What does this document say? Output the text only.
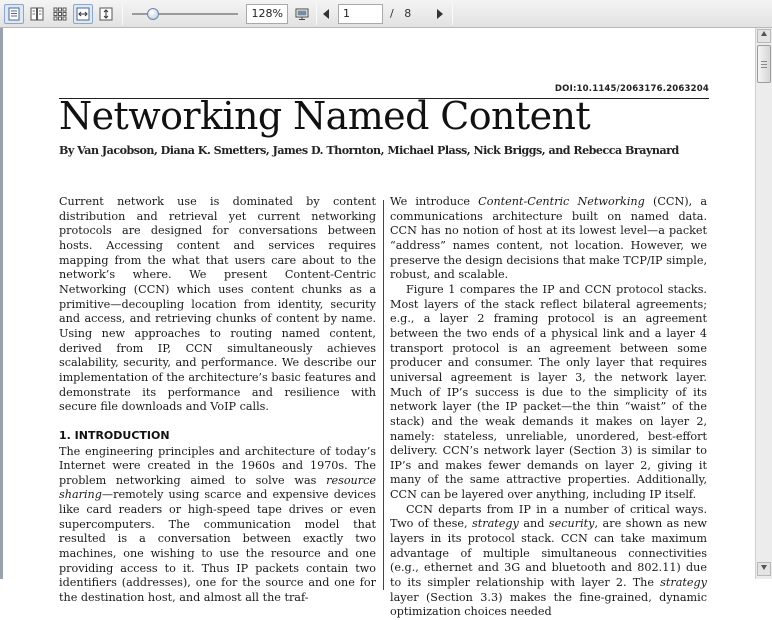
128%	1	/   8
DOI:10.1145/2063176.2063204
Networking Named Content
By Van Jacobson, Diana K. Smetters, James D. Thornton, Michael Plass, Nick Briggs, and Rebecca Braynard

Current network use is dominated by content distribution and retrieval yet current networking protocols are designed for conversations between hosts. Accessing content and services requires mapping from the what that users care about to the network’s where. We present Content-Centric Networking (CCN) which uses content chunks as a primitive—decoupling location from identity, security and access, and retrieving chunks of content by name. Using new approaches to routing named content, derived from IP, CCN simultaneously achieves scalability, security, and performance. We describe our implementation of the architecture’s basic features and demonstrate its performance and resilience with secure file downloads and VoIP calls.

1. INTRODUCTION

The engineering principles and architecture of today’s Internet were created in the 1960s and 1970s. The problem networking aimed to solve was resource sharing—remotely using scarce and expensive devices like card readers or high-speed tape drives or even supercomputers. The communication model that resulted is a conversation between exactly two machines, one wishing to use the resource and one providing access to it. Thus IP packets contain two identifiers (addresses), one for the source and one for the destination host, and almost all the traf-

We introduce Content-Centric Networking (CCN), a communications architecture built on named data. CCN has no notion of host at its lowest level—a packet “address” names content, not location. However, we preserve the design decisions that make TCP/IP simple, robust, and scalable.

Figure 1 compares the IP and CCN protocol stacks. Most layers of the stack reflect bilateral agreements; e.g., a layer 2 framing protocol is an agreement between the two ends of a physical link and a layer 4 transport protocol is an agreement between some producer and consumer. The only layer that requires universal agreement is layer 3, the network layer. Much of IP’s success is due to the simplicity of its network layer (the IP packet—the thin “waist” of the stack) and the weak demands it makes on layer 2, namely: stateless, unreliable, unordered, best-effort delivery. CCN’s network layer (Section 3) is similar to IP’s and makes fewer demands on layer 2, giving it many of the same attractive properties. Additionally, CCN can be layered over anything, including IP itself.

CCN departs from IP in a number of critical ways. Two of these, strategy and security, are shown as new layers in its protocol stack. CCN can take maximum advantage of multiple simultaneous connectivities (e.g., ethernet and 3G and bluetooth and 802.11) due to its simpler relationship with layer 2. The strategy layer (Section 3.3) makes the fine-grained, dynamic optimization choices needed
